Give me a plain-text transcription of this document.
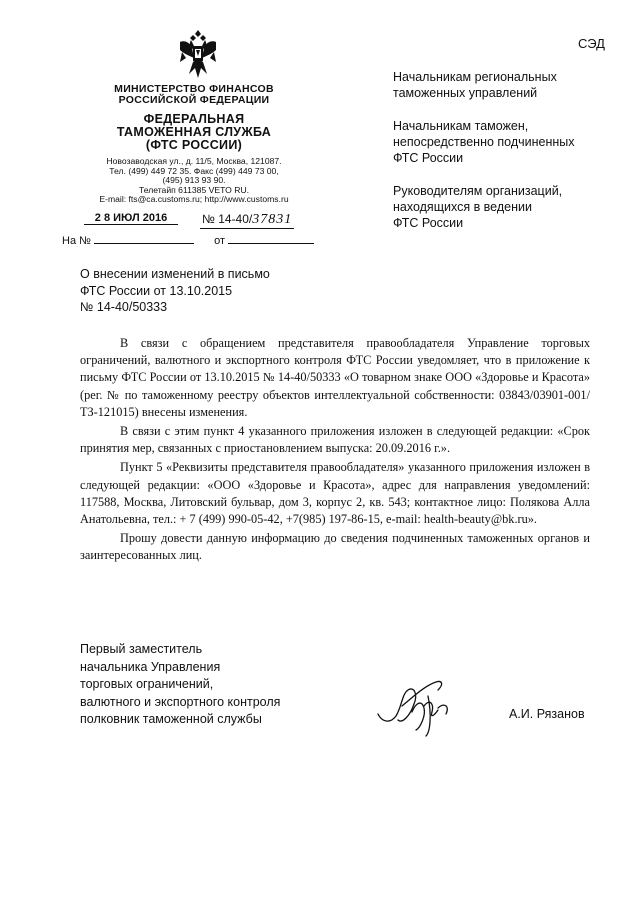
СЭД
МИНИСТЕРСТВО ФИНАНСОВ
РОССИЙСКОЙ ФЕДЕРАЦИИ
ФЕДЕРАЛЬНАЯ
ТАМОЖЕННАЯ СЛУЖБА
(ФТС РОССИИ)
Новозаводская ул., д. 11/5, Москва, 121087.
Тел. (499) 449 72 35. Факс (499) 449 73 00,
(495) 913 93 90.
Телетайп 611385 VETO RU.
E-mail: fts@ca.customs.ru; http://www.customs.ru
2 8 ИЮЛ 2016	№ 14-40/37831
На №	от

Начальникам региональных
таможенных управлений

Начальникам таможен,
непосредственно подчиненных
ФТС России

Руководителям организаций,
находящихся в ведении
ФТС России

О внесении изменений в письмо
ФТС России от 13.10.2015
№ 14-40/50333

В связи с обращением представителя правообладателя Управление торговых ограничений, валютного и экспортного контроля ФТС России уведомляет, что в приложение к письму ФТС России от 13.10.2015 № 14-40/50333 «О товарном знаке ООО «Здоровье и Красота» (рег. № по таможенному реестру объектов интеллектуальной собственности: 03843/03901-001/ТЗ-121015) внесены изменения.

В связи с этим пункт 4 указанного приложения изложен в следующей редакции: «Срок принятия мер, связанных с приостановлением выпуска: 20.09.2016 г.».

Пункт 5 «Реквизиты представителя правообладателя» указанного приложения изложен в следующей редакции: «ООО «Здоровье и Красота», адрес для направления уведомлений: 117588, Москва, Литовский бульвар, дом 3, корпус 2, кв. 543; контактное лицо: Полякова Алла Анатольевна, тел.: + 7 (499) 990-05-42, +7(985) 197-86-15, e-mail: health-beauty@bk.ru».

Прошу довести данную информацию до сведения подчиненных таможенных органов и заинтересованных лиц.

Первый заместитель
начальника Управления
торговых ограничений,
валютного и экспортного контроля
полковник таможенной службы	А.И. Рязанов
